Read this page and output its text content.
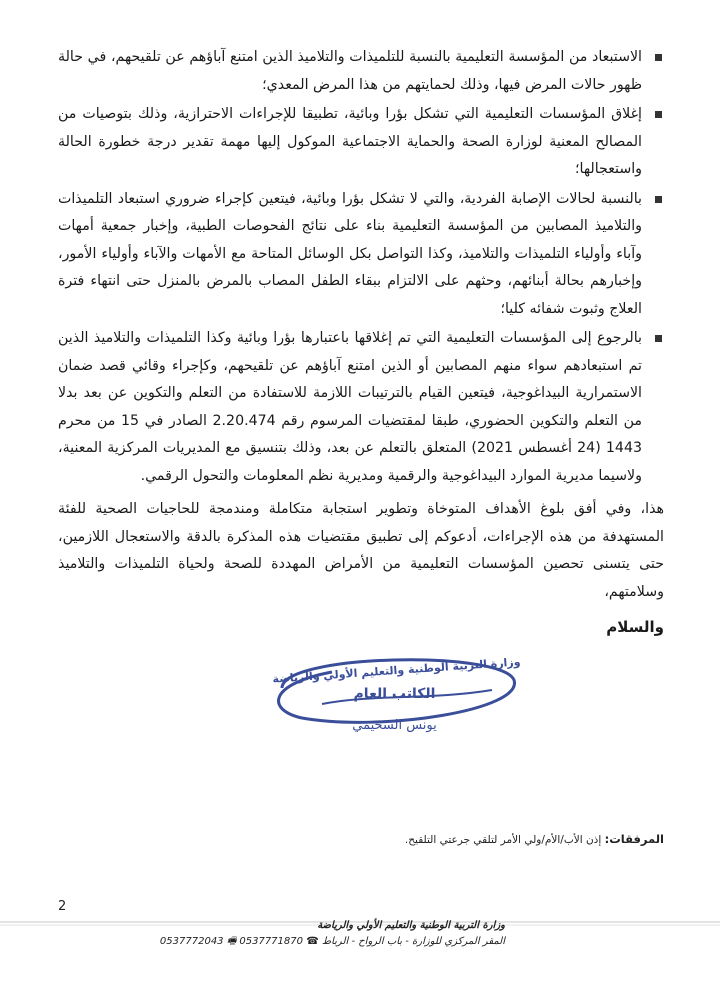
الاستبعاد من المؤسسة التعليمية بالنسبة للتلميذات والتلاميذ الذين امتنع آباؤهم عن تلقيحهم، في حالة ظهور حالات المرض فيها، وذلك لحمايتهم من هذا المرض المعدي؛

إغلاق المؤسسات التعليمية التي تشكل بؤرا وبائية، تطبيقا للإجراءات الاحترازية، وذلك بتوصيات من المصالح المعنية لوزارة الصحة والحماية الاجتماعية الموكول إليها مهمة تقدير درجة خطورة الحالة واستعجالها؛

بالنسبة لحالات الإصابة الفردية، والتي لا تشكل بؤرا وبائية، فيتعين كإجراء ضروري استبعاد التلميذات والتلاميذ المصابين من المؤسسة التعليمية بناء على نتائج الفحوصات الطبية، وإخبار جمعية أمهات وآباء وأولياء التلميذات والتلاميذ، وكذا التواصل بكل الوسائل المتاحة مع الأمهات والآباء وأولياء الأمور، وإخبارهم بحالة أبنائهم، وحثهم على الالتزام ببقاء الطفل المصاب بالمرض بالمنزل حتى انتهاء فترة العلاج وثبوت شفائه كليا؛

بالرجوع إلى المؤسسات التعليمية التي تم إغلاقها باعتبارها بؤرا وبائية وكذا التلميذات والتلاميذ الذين تم استبعادهم سواء منهم المصابين أو الذين امتنع آباؤهم عن تلقيحهم، وكإجراء وقائي قصد ضمان الاستمرارية البيداغوجية، فيتعين القيام بالترتيبات اللازمة للاستفادة من التعلم والتكوين عن بعد بدلا من التعلم والتكوين الحضوري، طبقا لمقتضيات المرسوم رقم 2.20.474 الصادر في 15 من محرم 1443 (24 أغسطس 2021) المتعلق بالتعلم عن بعد، وذلك بتنسيق مع المديريات المركزية المعنية، ولاسيما مديرية الموارد البيداغوجية والرقمية ومديرية نظم المعلومات والتحول الرقمي.

هذا، وفي أفق بلوغ الأهداف المتوخاة وتطوير استجابة متكاملة ومندمجة للحاجيات الصحية للفئة المستهدفة من هذه الإجراءات، أدعوكم إلى تطبيق مقتضيات هذه المذكرة بالدقة والاستعجال اللازمين، حتى يتسنى تحصين المؤسسات التعليمية من الأمراض المهددة للصحة ولحياة التلميذات والتلاميذ وسلامتهم،

والسلام

وزارة التربية الوطنية والتعليم الأولي والرياضة
الكاتب العام
يونس السحيمي
المرفقات: إذن الأب/الأم/ولي الأمر لتلقي جرعتي التلقيح.
2
وزارة التربية الوطنية والتعليم الأولي والرياضة
المقر المركزي للوزارة - باب الرواح - الرباط ☎ 0537771870 🖷 0537772043
